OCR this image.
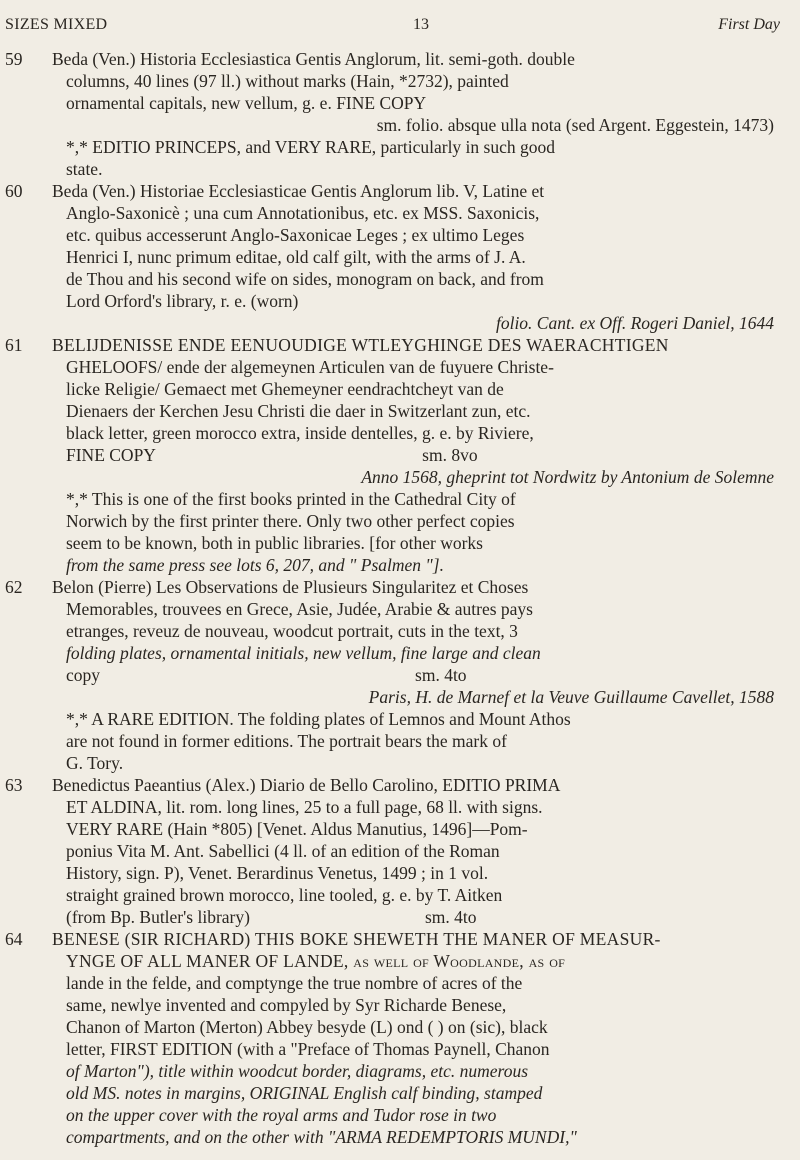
SIZES MIXED	13	First Day
59	Beda (Ven.) Historia Ecclesiastica Gentis Anglorum, lit. semi-goth. double
columns, 40 lines (97 ll.) without marks (Hain, *2732), painted
ornamental capitals, new vellum, g. e. FINE COPY
sm. folio. absque ulla nota (sed Argent. Eggestein, 1473)
*,* EDITIO PRINCEPS, and VERY RARE, particularly in such good
state.
60	Beda (Ven.) Historiae Ecclesiasticae Gentis Anglorum lib. V, Latine et
Anglo-Saxonicè ; una cum Annotationibus, etc. ex MSS. Saxonicis,
etc. quibus accesserunt Anglo-Saxonicae Leges ; ex ultimo Leges
Henrici I, nunc primum editae, old calf gilt, with the arms of J. A.
de Thou and his second wife on sides, monogram on back, and from
Lord Orford's library, r. e. (worn)
folio. Cant. ex Off. Rogeri Daniel, 1644
61	BELIJDENISSE ENDE EENUOUDIGE WTLEYGHINGE DES WAERACHTIGEN
GHELOOFS/ ende der algemeynen Articulen van de fuyuere Christe-
licke Religie/ Gemaect met Ghemeyner eendrachtcheyt van de
Dienaers der Kerchen Jesu Christi die daer in Switzerlant zun, etc.
black letter, green morocco extra, inside dentelles, g. e. by Riviere,
FINE COPY                                                             sm. 8vo
Anno 1568, gheprint tot Nordwitz by Antonium de Solemne
*,* This is one of the first books printed in the Cathedral City of
Norwich by the first printer there. Only two other perfect copies
seem to be known, both in public libraries. [for other works
from the same press see lots 6, 207, and " Psalmen "].
62	Belon (Pierre) Les Observations de Plusieurs Singularitez et Choses
Memorables, trouvees en Grece, Asie, Judée, Arabie & autres pays
etranges, reveuz de nouveau, woodcut portrait, cuts in the text, 3
folding plates, ornamental initials, new vellum, fine large and clean
copy                                                                        sm. 4to
Paris, H. de Marnef et la Veuve Guillaume Cavellet, 1588
*,* A RARE EDITION. The folding plates of Lemnos and Mount Athos
are not found in former editions. The portrait bears the mark of
G. Tory.
63	Benedictus Paeantius (Alex.) Diario de Bello Carolino, EDITIO PRIMA
ET ALDINA, lit. rom. long lines, 25 to a full page, 68 ll. with signs.
VERY RARE (Hain *805) [Venet. Aldus Manutius, 1496]—Pom-
ponius Vita M. Ant. Sabellici (4 ll. of an edition of the Roman
History, sign. P), Venet. Berardinus Venetus, 1499 ; in 1 vol.
straight grained brown morocco, line tooled, g. e. by T. Aitken
(from Bp. Butler's library)                                        sm. 4to
64	BENESE (SIR RICHARD) THIS BOKE SHEWETH THE MANER OF MEASUR-
YNGE OF ALL MANER OF LANDE, as well of Woodlande, as of
lande in the felde, and comptynge the true nombre of acres of the
same, newlye invented and compyled by Syr Richarde Benese,
Chanon of Marton (Merton) Abbey besyde (L) ond ( ) on (sic), black
letter, FIRST EDITION (with a "Preface of Thomas Paynell, Chanon
of Marton"), title within woodcut border, diagrams, etc. numerous
old MS. notes in margins, ORIGINAL English calf binding, stamped
on the upper cover with the royal arms and Tudor rose in two
compartments, and on the other with "ARMA REDEMPTORIS MUNDI,"
